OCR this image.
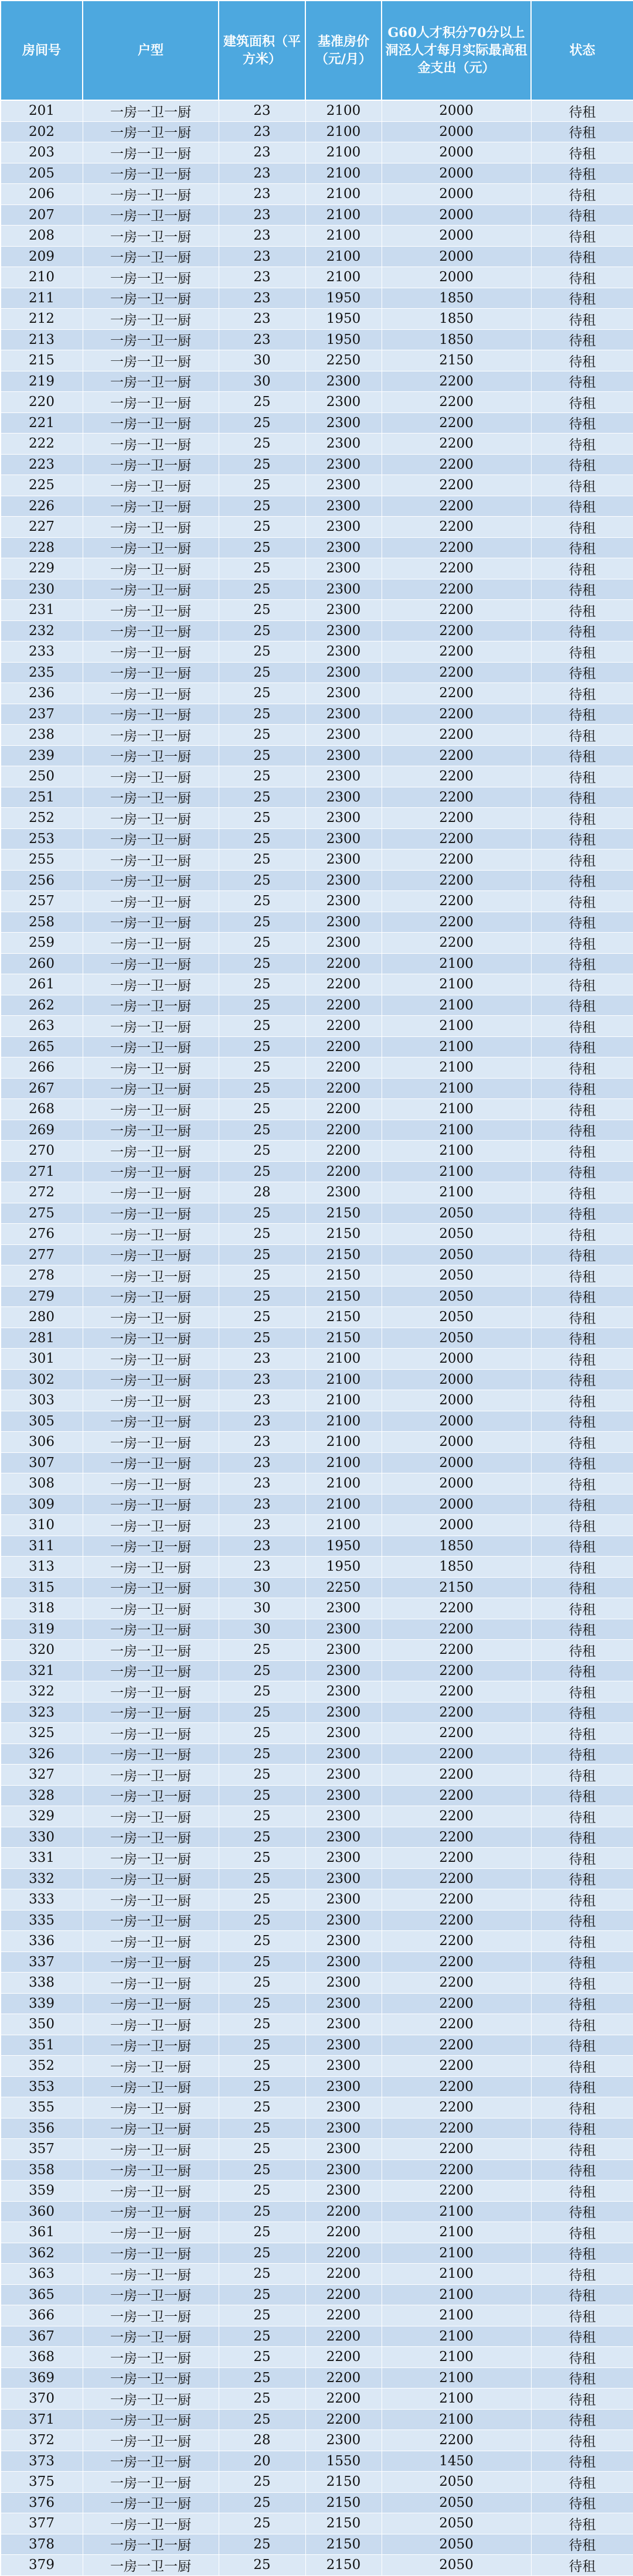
房间号	户型	建筑面积（平方米）	基准房价（元/月）	G60人才积分70分以上洞泾人才每月实际最高租金支出（元）	状态
201	一房一卫一厨	23	2100	2000	待租
202	一房一卫一厨	23	2100	2000	待租
203	一房一卫一厨	23	2100	2000	待租
205	一房一卫一厨	23	2100	2000	待租
206	一房一卫一厨	23	2100	2000	待租
207	一房一卫一厨	23	2100	2000	待租
208	一房一卫一厨	23	2100	2000	待租
209	一房一卫一厨	23	2100	2000	待租
210	一房一卫一厨	23	2100	2000	待租
211	一房一卫一厨	23	1950	1850	待租
212	一房一卫一厨	23	1950	1850	待租
213	一房一卫一厨	23	1950	1850	待租
215	一房一卫一厨	30	2250	2150	待租
219	一房一卫一厨	30	2300	2200	待租
220	一房一卫一厨	25	2300	2200	待租
221	一房一卫一厨	25	2300	2200	待租
222	一房一卫一厨	25	2300	2200	待租
223	一房一卫一厨	25	2300	2200	待租
225	一房一卫一厨	25	2300	2200	待租
226	一房一卫一厨	25	2300	2200	待租
227	一房一卫一厨	25	2300	2200	待租
228	一房一卫一厨	25	2300	2200	待租
229	一房一卫一厨	25	2300	2200	待租
230	一房一卫一厨	25	2300	2200	待租
231	一房一卫一厨	25	2300	2200	待租
232	一房一卫一厨	25	2300	2200	待租
233	一房一卫一厨	25	2300	2200	待租
235	一房一卫一厨	25	2300	2200	待租
236	一房一卫一厨	25	2300	2200	待租
237	一房一卫一厨	25	2300	2200	待租
238	一房一卫一厨	25	2300	2200	待租
239	一房一卫一厨	25	2300	2200	待租
250	一房一卫一厨	25	2300	2200	待租
251	一房一卫一厨	25	2300	2200	待租
252	一房一卫一厨	25	2300	2200	待租
253	一房一卫一厨	25	2300	2200	待租
255	一房一卫一厨	25	2300	2200	待租
256	一房一卫一厨	25	2300	2200	待租
257	一房一卫一厨	25	2300	2200	待租
258	一房一卫一厨	25	2300	2200	待租
259	一房一卫一厨	25	2300	2200	待租
260	一房一卫一厨	25	2200	2100	待租
261	一房一卫一厨	25	2200	2100	待租
262	一房一卫一厨	25	2200	2100	待租
263	一房一卫一厨	25	2200	2100	待租
265	一房一卫一厨	25	2200	2100	待租
266	一房一卫一厨	25	2200	2100	待租
267	一房一卫一厨	25	2200	2100	待租
268	一房一卫一厨	25	2200	2100	待租
269	一房一卫一厨	25	2200	2100	待租
270	一房一卫一厨	25	2200	2100	待租
271	一房一卫一厨	25	2200	2100	待租
272	一房一卫一厨	28	2300	2100	待租
275	一房一卫一厨	25	2150	2050	待租
276	一房一卫一厨	25	2150	2050	待租
277	一房一卫一厨	25	2150	2050	待租
278	一房一卫一厨	25	2150	2050	待租
279	一房一卫一厨	25	2150	2050	待租
280	一房一卫一厨	25	2150	2050	待租
281	一房一卫一厨	25	2150	2050	待租
301	一房一卫一厨	23	2100	2000	待租
302	一房一卫一厨	23	2100	2000	待租
303	一房一卫一厨	23	2100	2000	待租
305	一房一卫一厨	23	2100	2000	待租
306	一房一卫一厨	23	2100	2000	待租
307	一房一卫一厨	23	2100	2000	待租
308	一房一卫一厨	23	2100	2000	待租
309	一房一卫一厨	23	2100	2000	待租
310	一房一卫一厨	23	2100	2000	待租
311	一房一卫一厨	23	1950	1850	待租
313	一房一卫一厨	23	1950	1850	待租
315	一房一卫一厨	30	2250	2150	待租
318	一房一卫一厨	30	2300	2200	待租
319	一房一卫一厨	30	2300	2200	待租
320	一房一卫一厨	25	2300	2200	待租
321	一房一卫一厨	25	2300	2200	待租
322	一房一卫一厨	25	2300	2200	待租
323	一房一卫一厨	25	2300	2200	待租
325	一房一卫一厨	25	2300	2200	待租
326	一房一卫一厨	25	2300	2200	待租
327	一房一卫一厨	25	2300	2200	待租
328	一房一卫一厨	25	2300	2200	待租
329	一房一卫一厨	25	2300	2200	待租
330	一房一卫一厨	25	2300	2200	待租
331	一房一卫一厨	25	2300	2200	待租
332	一房一卫一厨	25	2300	2200	待租
333	一房一卫一厨	25	2300	2200	待租
335	一房一卫一厨	25	2300	2200	待租
336	一房一卫一厨	25	2300	2200	待租
337	一房一卫一厨	25	2300	2200	待租
338	一房一卫一厨	25	2300	2200	待租
339	一房一卫一厨	25	2300	2200	待租
350	一房一卫一厨	25	2300	2200	待租
351	一房一卫一厨	25	2300	2200	待租
352	一房一卫一厨	25	2300	2200	待租
353	一房一卫一厨	25	2300	2200	待租
355	一房一卫一厨	25	2300	2200	待租
356	一房一卫一厨	25	2300	2200	待租
357	一房一卫一厨	25	2300	2200	待租
358	一房一卫一厨	25	2300	2200	待租
359	一房一卫一厨	25	2300	2200	待租
360	一房一卫一厨	25	2200	2100	待租
361	一房一卫一厨	25	2200	2100	待租
362	一房一卫一厨	25	2200	2100	待租
363	一房一卫一厨	25	2200	2100	待租
365	一房一卫一厨	25	2200	2100	待租
366	一房一卫一厨	25	2200	2100	待租
367	一房一卫一厨	25	2200	2100	待租
368	一房一卫一厨	25	2200	2100	待租
369	一房一卫一厨	25	2200	2100	待租
370	一房一卫一厨	25	2200	2100	待租
371	一房一卫一厨	25	2200	2100	待租
372	一房一卫一厨	28	2300	2200	待租
373	一房一卫一厨	20	1550	1450	待租
375	一房一卫一厨	25	2150	2050	待租
376	一房一卫一厨	25	2150	2050	待租
377	一房一卫一厨	25	2150	2050	待租
378	一房一卫一厨	25	2150	2050	待租
379	一房一卫一厨	25	2150	2050	待租
